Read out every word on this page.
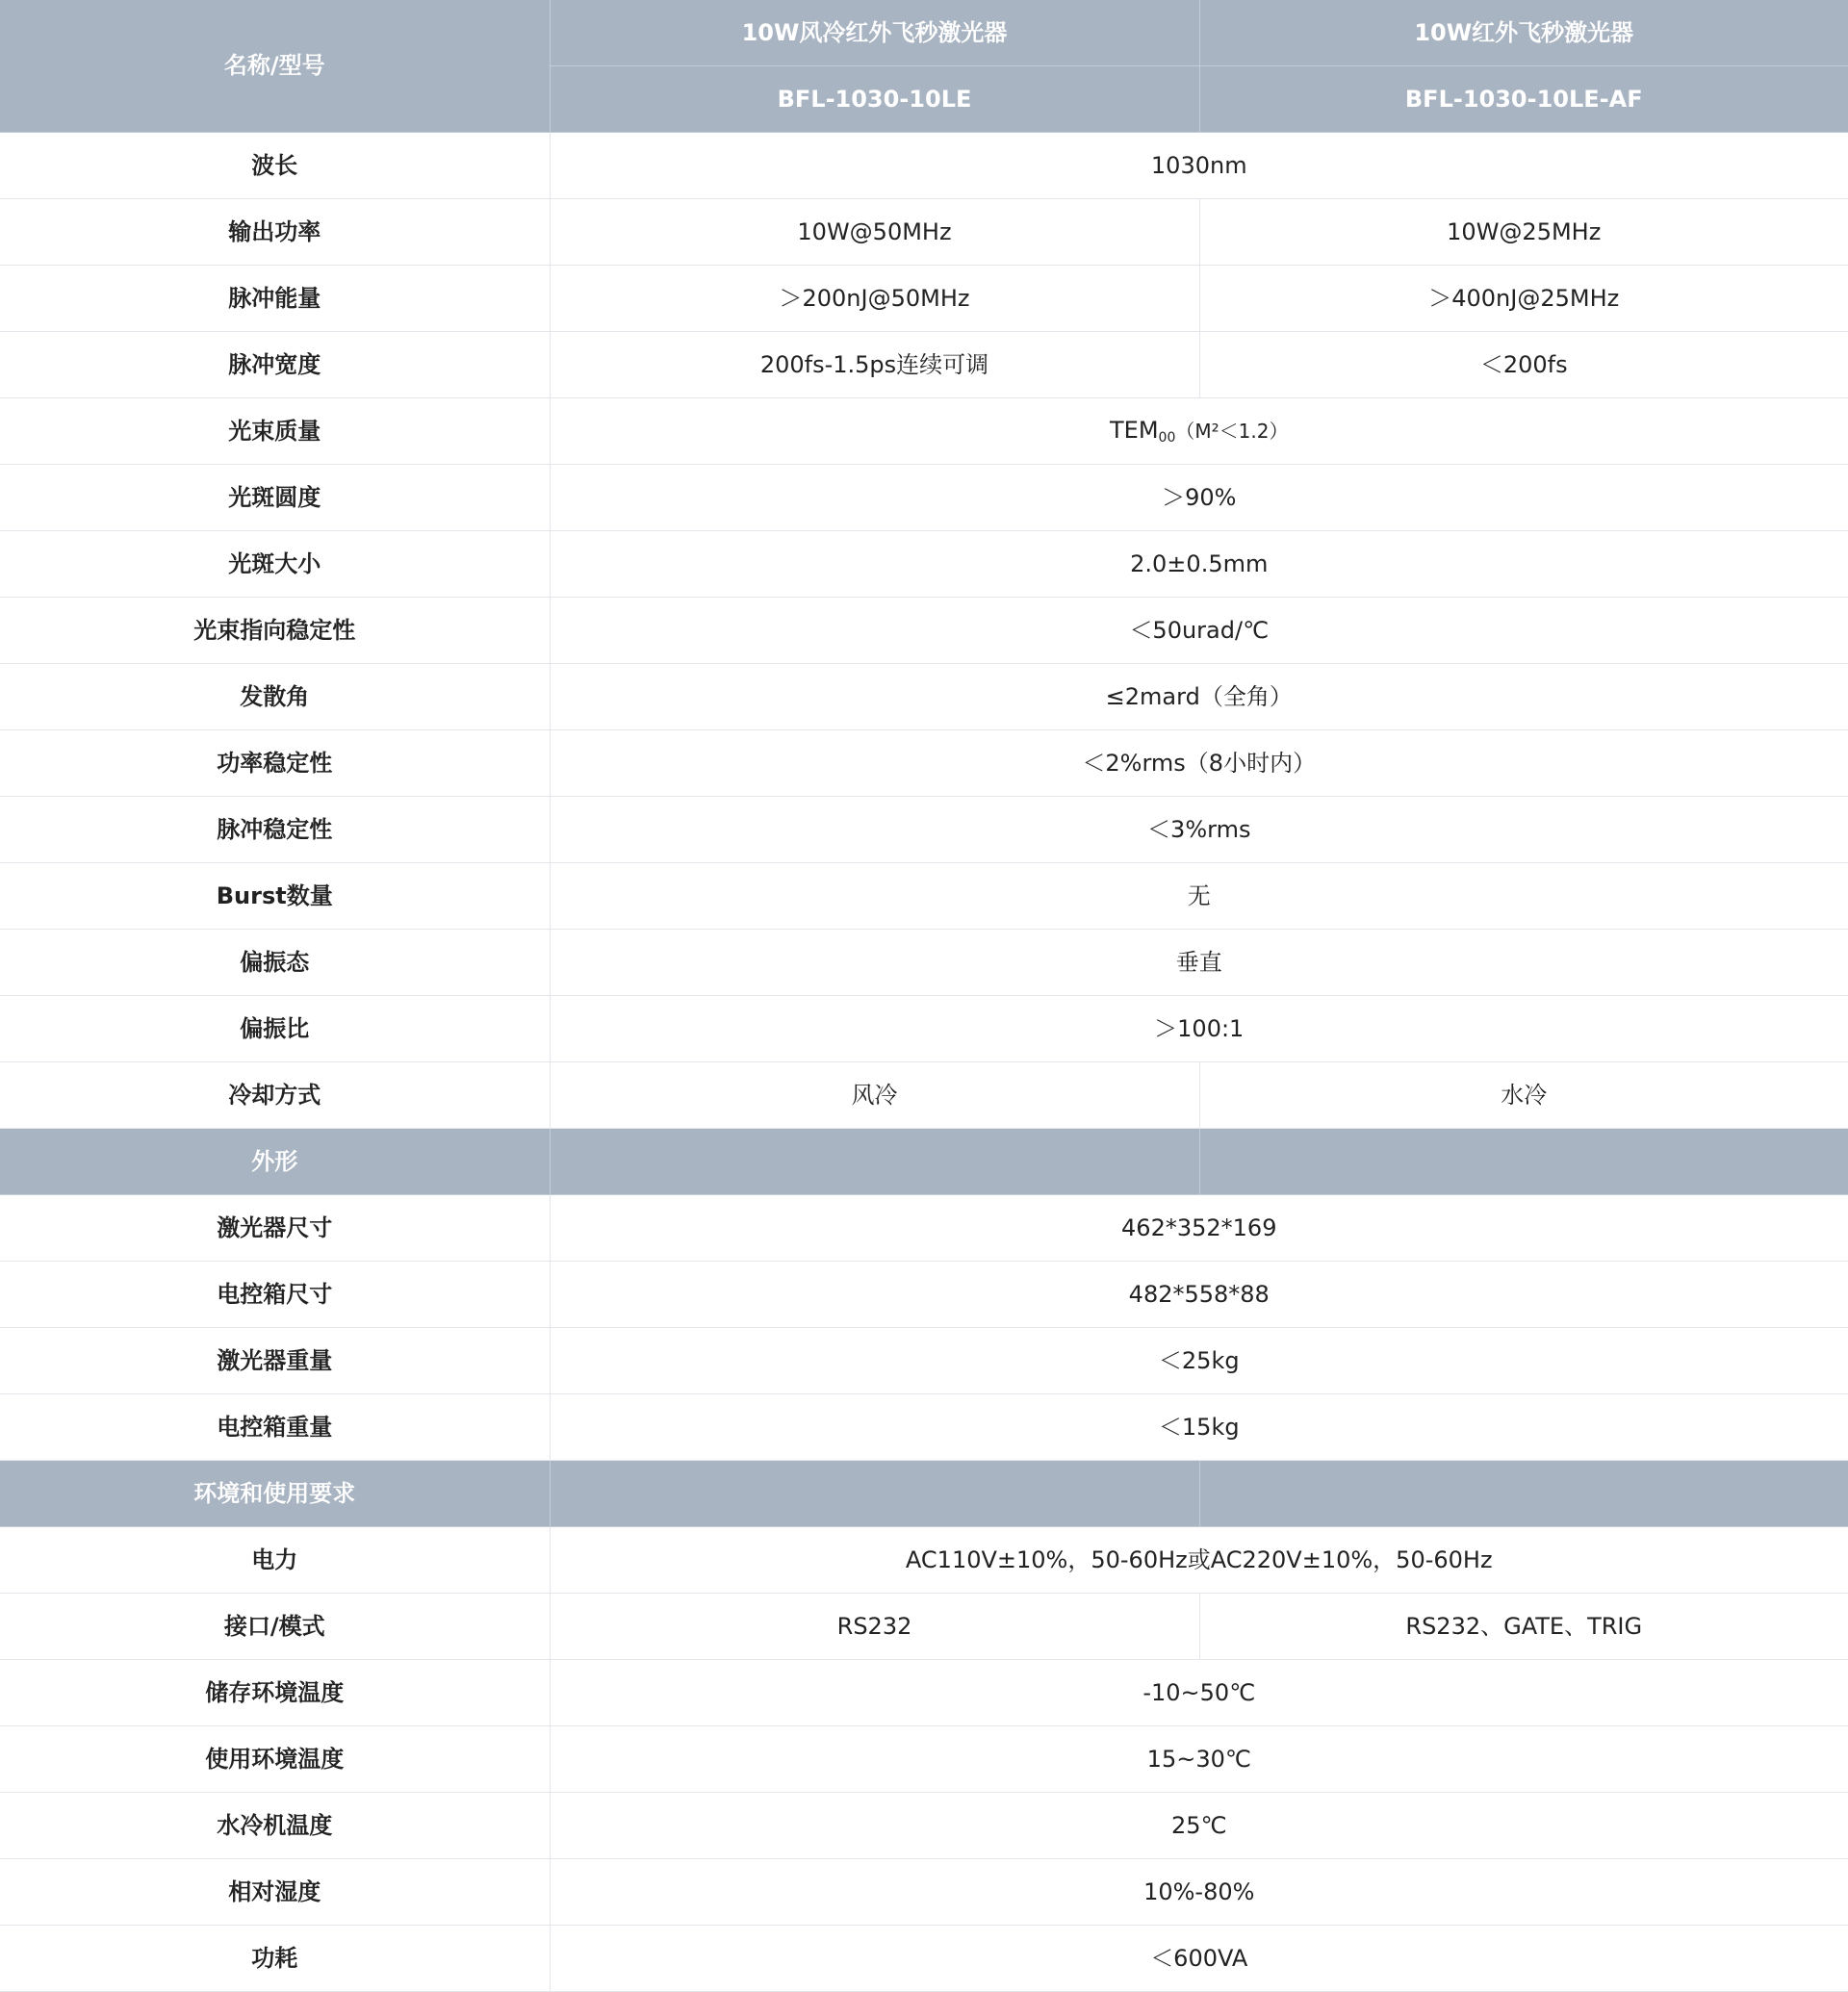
名称/型号	10W风冷红外飞秒激光器	10W红外飞秒激光器
	BFL-1030-10LE	BFL-1030-10LE-AF
波长	1030nm	
输出功率	10W@50MHz	10W@25MHz
脉冲能量	＞200nJ@50MHz	＞400nJ@25MHz
脉冲宽度	200fs-1.5ps连续可调	＜200fs
光束质量	$TEM_{00}(M^2<1.2)$	
光斑圆度	＞90%	
光斑大小	2.0±0.5mm	
光束指向稳定性	＜50urad/℃	
发散角	≤2mard（全角）	
功率稳定性	＜2%rms（8小时内）	
脉冲稳定性	＜3%rms	
Burst数量	无	
偏振态	垂直	
偏振比	＞100:1	
冷却方式	风冷	水冷
外形		
激光器尺寸	462*352*169	
电控箱尺寸	482*558*88	
激光器重量	＜25kg	
电控箱重量	＜15kg	
环境和使用要求		
电力	AC110V±10%，50-60Hz或AC220V±10%，50-60Hz	
接口/模式	RS232	RS232、GATE、TRIG
储存环境温度	-10~50℃	
使用环境温度	15~30℃	
水冷机温度	25℃	
相对湿度	10%-80%	
功耗	＜600VA	
